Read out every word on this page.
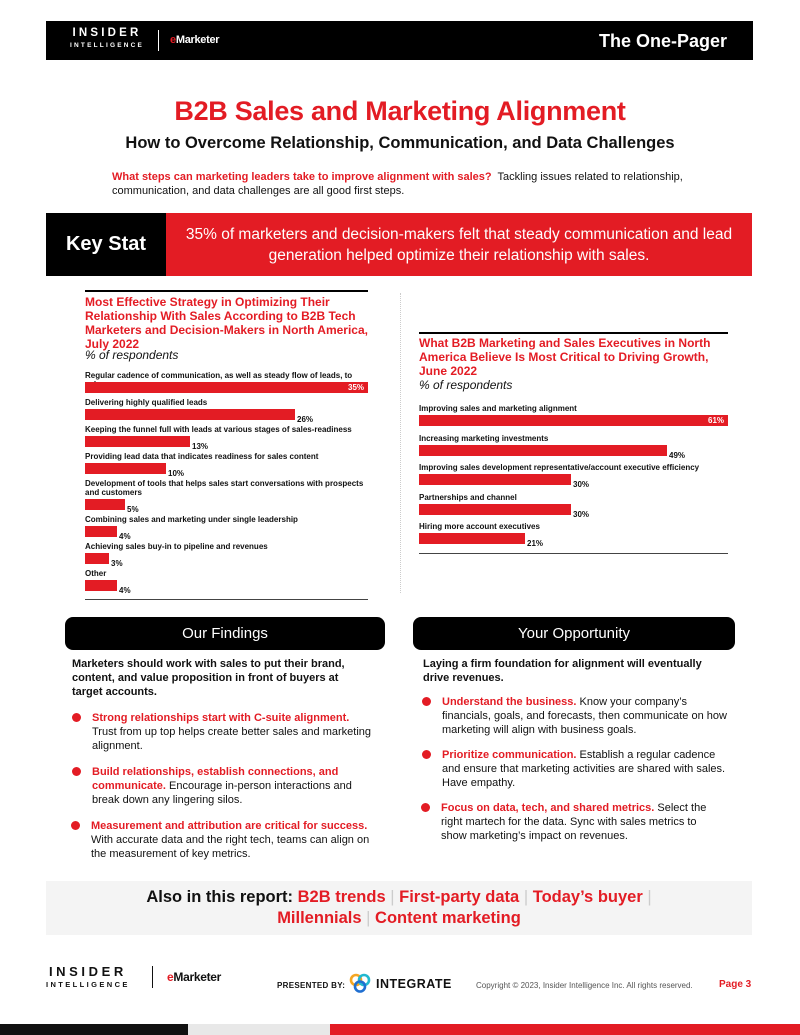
INSIDER
INTELLIGENCE eMarketer	The One-Pager
B2B Sales and Marketing Alignment
How to Overcome Relationship, Communication, and Data Challenges

What steps can marketing leaders take to improve alignment with sales? Tackling issues related to relationship, communication, and data challenges are all good first steps.

Key Stat	35% of marketers and decision-makers felt that steady communication and lead generation helped optimize their relationship with sales.
Most Effective Strategy in Optimizing Their Relationship With Sales According to B2B Tech Marketers and Decision-Makers in North America, July 2022
% of respondents
Regular cadence of communication, as well as steady flow of leads, to
35%
Delivering highly qualified leads
26%
Keeping the funnel full with leads at various stages of sales-readiness
13%
Providing lead data that indicates readiness for sales content
10%
Development of tools that helps sales start conversations with prospects and customers
5%
Combining sales and marketing under single leadership
4%
Achieving sales buy-in to pipeline and revenues
3%
Other
4%
What B2B Marketing and Sales Executives in North America Believe Is Most Critical to Driving Growth, June 2022
% of respondents
Improving sales and marketing alignment
61%
Increasing marketing investments
49%
Improving sales development representative/account executive efficiency
30%
Partnerships and channel
30%
Hiring more account executives
21%
Our Findings

Marketers should work with sales to put their brand, content, and value proposition in front of buyers at target accounts.

Strong relationships start with C-suite alignment. Trust from up top helps create better sales and marketing alignment.
Build relationships, establish connections, and communicate. Encourage in-person interactions and break down any lingering silos.
Measurement and attribution are critical for success. With accurate data and the right tech, teams can align on the measurement of key metrics.
Your Opportunity

Laying a firm foundation for alignment will eventually drive revenues.

Understand the business. Know your company’s financials, goals, and forecasts, then communicate on how marketing will align with business goals.
Prioritize communication. Establish a regular cadence and ensure that marketing activities are shared with sales. Have empathy.
Focus on data, tech, and shared metrics. Select the right martech for the data. Sync with sales metrics to show marketing’s impact on revenues.
Also in this report: B2B trends | First-party data | Today’s buyer |
Millennials | Content marketing
INSIDER
INTELLIGENCE
eMarketer
PRESENTED BY: INTEGRATE	Copyright © 2023, Insider Intelligence Inc. All rights reserved.	Page 3
